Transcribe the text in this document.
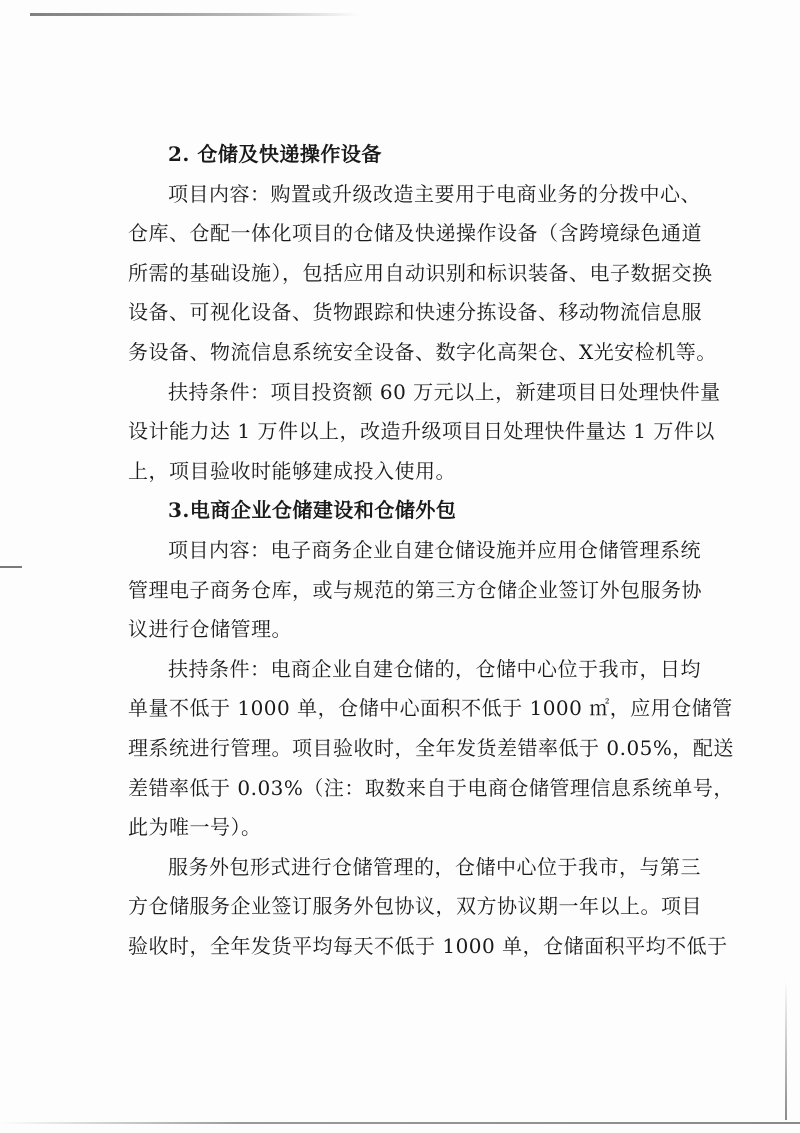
2. 仓储及快递操作设备
项目内容：购置或升级改造主要用于电商业务的分拨中心、
仓库、仓配一体化项目的仓储及快递操作设备（含跨境绿色通道
所需的基础设施），包括应用自动识别和标识装备、电子数据交换
设备、可视化设备、货物跟踪和快速分拣设备、移动物流信息服
务设备、物流信息系统安全设备、数字化高架仓、X光安检机等。
扶持条件：项目投资额 60 万元以上，新建项目日处理快件量
设计能力达 1 万件以上，改造升级项目日处理快件量达 1 万件以
上，项目验收时能够建成投入使用。
3.电商企业仓储建设和仓储外包
项目内容：电子商务企业自建仓储设施并应用仓储管理系统
管理电子商务仓库，或与规范的第三方仓储企业签订外包服务协
议进行仓储管理。
扶持条件：电商企业自建仓储的，仓储中心位于我市，日均
单量不低于 1000 单，仓储中心面积不低于 1000 ㎡，应用仓储管
理系统进行管理。项目验收时，全年发货差错率低于 0.05%，配送
差错率低于 0.03%（注：取数来自于电商仓储管理信息系统单号，
此为唯一号）。
服务外包形式进行仓储管理的，仓储中心位于我市，与第三
方仓储服务企业签订服务外包协议，双方协议期一年以上。项目
验收时，全年发货平均每天不低于 1000 单，仓储面积平均不低于
